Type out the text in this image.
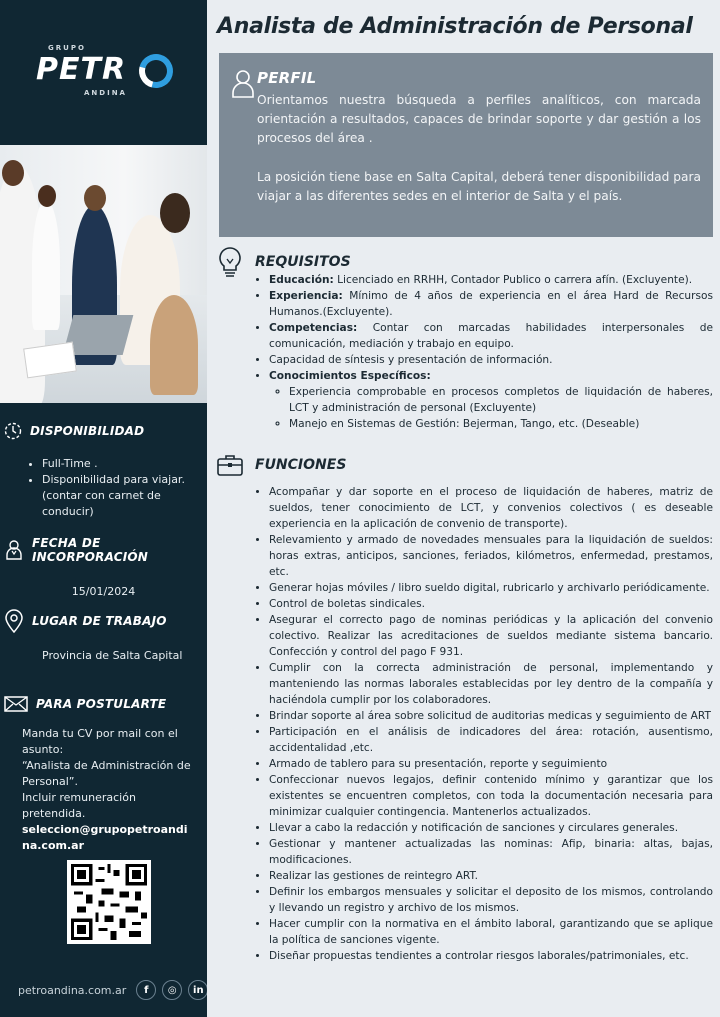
GRUPO
PETR
ANDINA
DISPONIBILIDAD
• Full-Time .
• Disponibilidad para viajar. (contar con carnet de conducir)
FECHA DE INCORPORACIÓN
15/01/2024
LUGAR DE TRABAJO
Provincia de Salta Capital
PARA POSTULARTE
Manda tu CV por mail con el asunto:
“Analista de Administración de Personal”.
Incluir remuneración pretendida.
seleccion@grupopetroandina.com.ar
petroandina.com.ar	f	◎	in
Analista de Administración de Personal
PERFIL

Orientamos nuestra búsqueda a perfiles analíticos, con marcada orientación a resultados, capaces de brindar soporte y dar gestión a los procesos del área .

La posición tiene base en Salta Capital, deberá tener disponibilidad para viajar a las diferentes sedes en el interior de Salta y el país.

REQUISITOS
• Educación: Licenciado en RRHH, Contador Publico o carrera afín. (Excluyente).
• Experiencia: Mínimo de 4 años de experiencia en el área Hard de Recursos Humanos.(Excluyente).
• Competencias: Contar con marcadas habilidades interpersonales de comunicación, mediación y trabajo en equipo.
• Capacidad de síntesis y presentación de información.
• Conocimientos Específicos:
◦ Experiencia comprobable en procesos completos de liquidación de haberes, LCT y administración de personal (Excluyente)
◦ Manejo en Sistemas de Gestión: Bejerman, Tango, etc. (Deseable)
FUNCIONES
• Acompañar y dar soporte en el proceso de liquidación de haberes, matriz de sueldos, tener conocimiento de LCT, y convenios colectivos ( es deseable experiencia en la aplicación de convenio de transporte).
• Relevamiento y armado de novedades mensuales para la liquidación de sueldos: horas extras, anticipos, sanciones, feriados, kilómetros, enfermedad, prestamos, etc.
• Generar hojas móviles / libro sueldo digital, rubricarlo y archivarlo periódicamente.
• Control de boletas sindicales.
• Asegurar el correcto pago de nominas periódicas y la aplicación del convenio colectivo. Realizar las acreditaciones de sueldos mediante sistema bancario. Confección y control del pago F 931.
• Cumplir con la correcta administración de personal, implementando y manteniendo las normas laborales establecidas por ley dentro de la compañía y haciéndola cumplir por los colaboradores.
• Brindar soporte al área sobre solicitud de auditorias medicas y seguimiento de ART
• Participación en el análisis de indicadores del área: rotación, ausentismo, accidentalidad ,etc.
• Armado de tablero para su presentación, reporte y seguimiento
• Confeccionar nuevos legajos, definir contenido mínimo y garantizar que los existentes se encuentren completos, con toda la documentación necesaria para minimizar cualquier contingencia. Mantenerlos actualizados.
• Llevar a cabo la redacción y notificación de sanciones y circulares generales.
• Gestionar y mantener actualizadas las nominas: Afip, binaria: altas, bajas, modificaciones.
• Realizar las gestiones de reintegro ART.
• Definir los embargos mensuales y solicitar el deposito de los mismos, controlando y llevando un registro y archivo de los mismos.
• Hacer cumplir con la normativa en el ámbito laboral, garantizando que se aplique la política de sanciones vigente.
• Diseñar propuestas tendientes a controlar riesgos laborales/patrimoniales, etc.
